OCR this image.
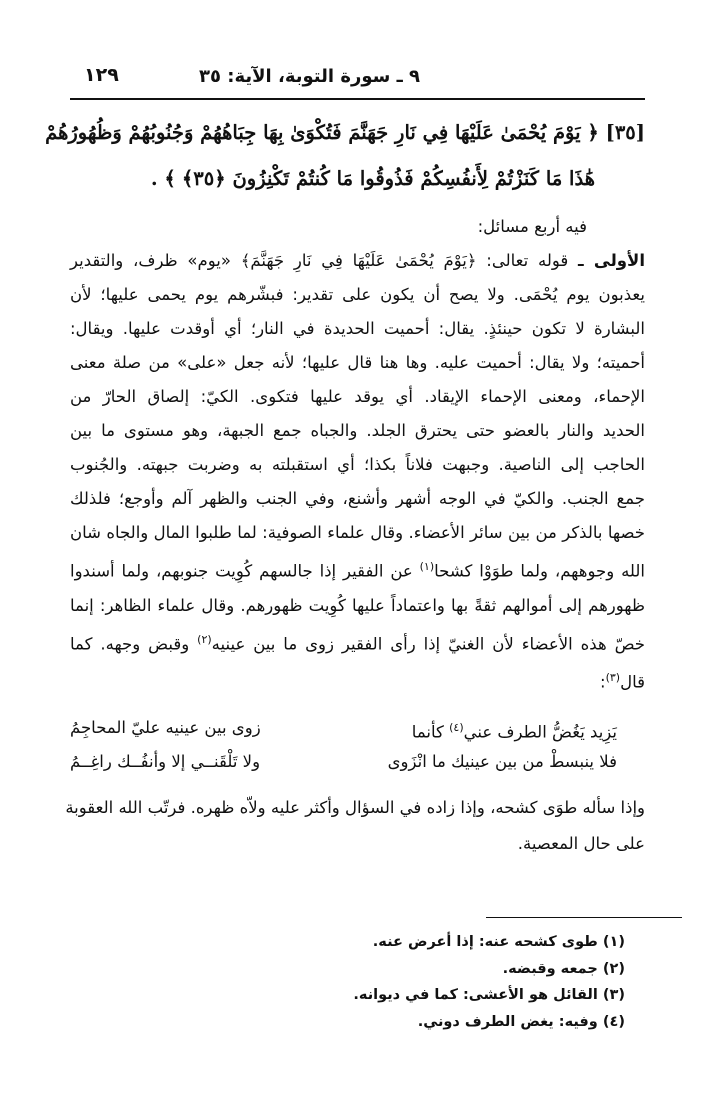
٩ ـ سورة التوبة، الآية: ٣٥
١٢٩
[٣٥] ﴿ يَوْمَ يُحْمَىٰ عَلَيْهَا فِي نَارِ جَهَنَّمَ فَتُكْوَىٰ بِهَا جِبَاهُهُمْ وَجُنُوبُهُمْ وَظُهُورُهُمْ
هَٰذَا مَا كَنَزْتُمْ لِأَنفُسِكُمْ فَذُوقُوا مَا كُنتُمْ تَكْنِزُونَ ﴿٣٥﴾﴾ .
فيه أربع مسائل:
الأولى ـ قوله تعالى: ﴿يَوْمَ يُحْمَىٰ عَلَيْهَا فِي نَارِ جَهَنَّمَ﴾ «يوم» ظرف، والتقدير
يعذبون يوم يُحْمَى. ولا يصح أن يكون على تقدير: فبشّرهم يوم يحمى عليها؛ لأن
البشارة لا تكون حينئذٍ. يقال: أحميت الحديدة في النار؛ أي أوقدت عليها. ويقال:
أحميته؛ ولا يقال: أحميت عليه. وها هنا قال عليها؛ لأنه جعل «على» من صلة معنى
الإحماء، ومعنى الإحماء الإيقاد. أي يوقد عليها فتكوى. الكيّ: إلصاق الحارّ من
الحديد والنار بالعضو حتى يحترق الجلد. والجباه جمع الجبهة، وهو مستوى ما بين
الحاجب إلى الناصية. وجبهت فلاناً بكذا؛ أي استقبلته به وضربت جبهته. والجُنوب
جمع الجنب. والكيّ في الوجه أشهر وأشنع، وفي الجنب والظهر آلم وأوجع؛ فلذلك
خصها بالذكر من بين سائر الأعضاء. وقال علماء الصوفية: لما طلبوا المال والجاه شان
الله وجوههم، ولما طوَوْا كشحا$^{(١)}$ عن الفقير إذا جالسهم كُوِيت جنوبهم، ولما أسندوا
ظهورهم إلى أموالهم ثقةً بها واعتماداً عليها كُوِيت ظهورهم. وقال علماء الظاهر: إنما
خصّ هذه الأعضاء لأن الغنيّ إذا رأى الفقير زوى ما بين عينيه$^{(٢)}$ وقبض وجهه. كما
قال$^{(٣)}$:
يَزِيد يَغُضُّ الطرف عني$^{(٤)}$ كأنما
زوى بين عينيه عليّ المحاجِمُ
فلا ينبسطْ من بين عينيك ما انْزَوى
ولا تَلْقَنــي إلا وأنفُــك راغِــمُ
وإذا سأله طوَى كشحه، وإذا زاده في السؤال وأكثر عليه ولاّه ظهره. فرتّب الله العقوبة
على حال المعصية.
(١) طوى كشحه عنه: إذا أعرض عنه.
(٢) جمعه وقبضه.
(٣) القائل هو الأعشى: كما في ديوانه.
(٤) وفيه: يغض الطرف دوني.
